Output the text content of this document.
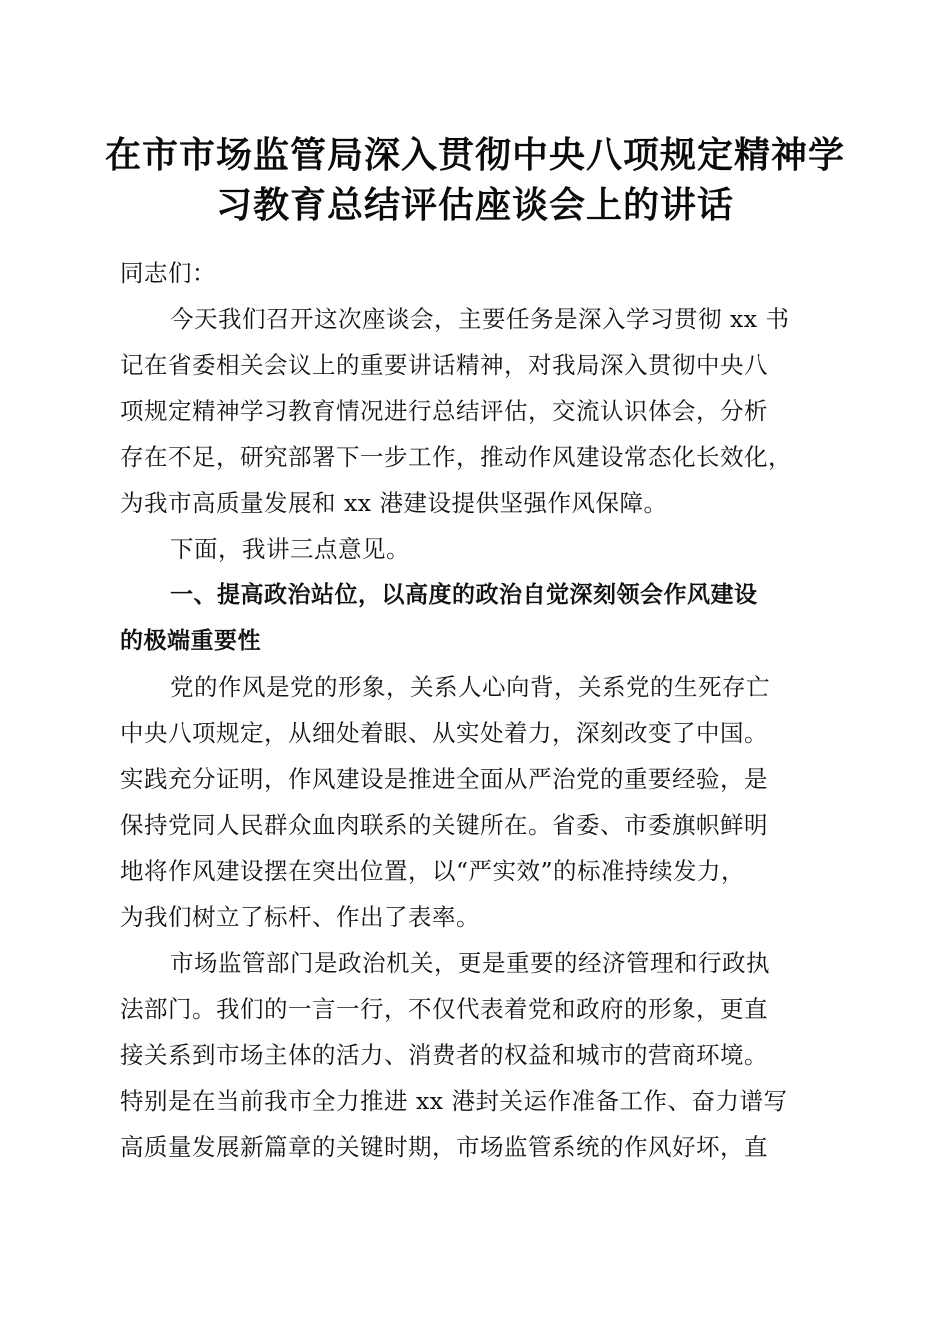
在市市场监管局深入贯彻中央八项规定精神学
习教育总结评估座谈会上的讲话
同志们：
今天我们召开这次座谈会，主要任务是深入学习贯彻 xx 书
记在省委相关会议上的重要讲话精神，对我局深入贯彻中央八
项规定精神学习教育情况进行总结评估，交流认识体会，分析
存在不足，研究部署下一步工作，推动作风建设常态化长效化，
为我市高质量发展和 xx 港建设提供坚强作风保障。
下面，我讲三点意见。
一、提高政治站位，以高度的政治自觉深刻领会作风建设
的极端重要性
党的作风是党的形象，关系人心向背，关系党的生死存亡
中央八项规定，从细处着眼、从实处着力，深刻改变了中国。
实践充分证明，作风建设是推进全面从严治党的重要经验，是
保持党同人民群众血肉联系的关键所在。省委、市委旗帜鲜明
地将作风建设摆在突出位置，以“严实效”的标准持续发力，
为我们树立了标杆、作出了表率。
市场监管部门是政治机关，更是重要的经济管理和行政执
法部门。我们的一言一行，不仅代表着党和政府的形象，更直
接关系到市场主体的活力、消费者的权益和城市的营商环境。
特别是在当前我市全力推进 xx 港封关运作准备工作、奋力谱写
高质量发展新篇章的关键时期，市场监管系统的作风好坏，直
